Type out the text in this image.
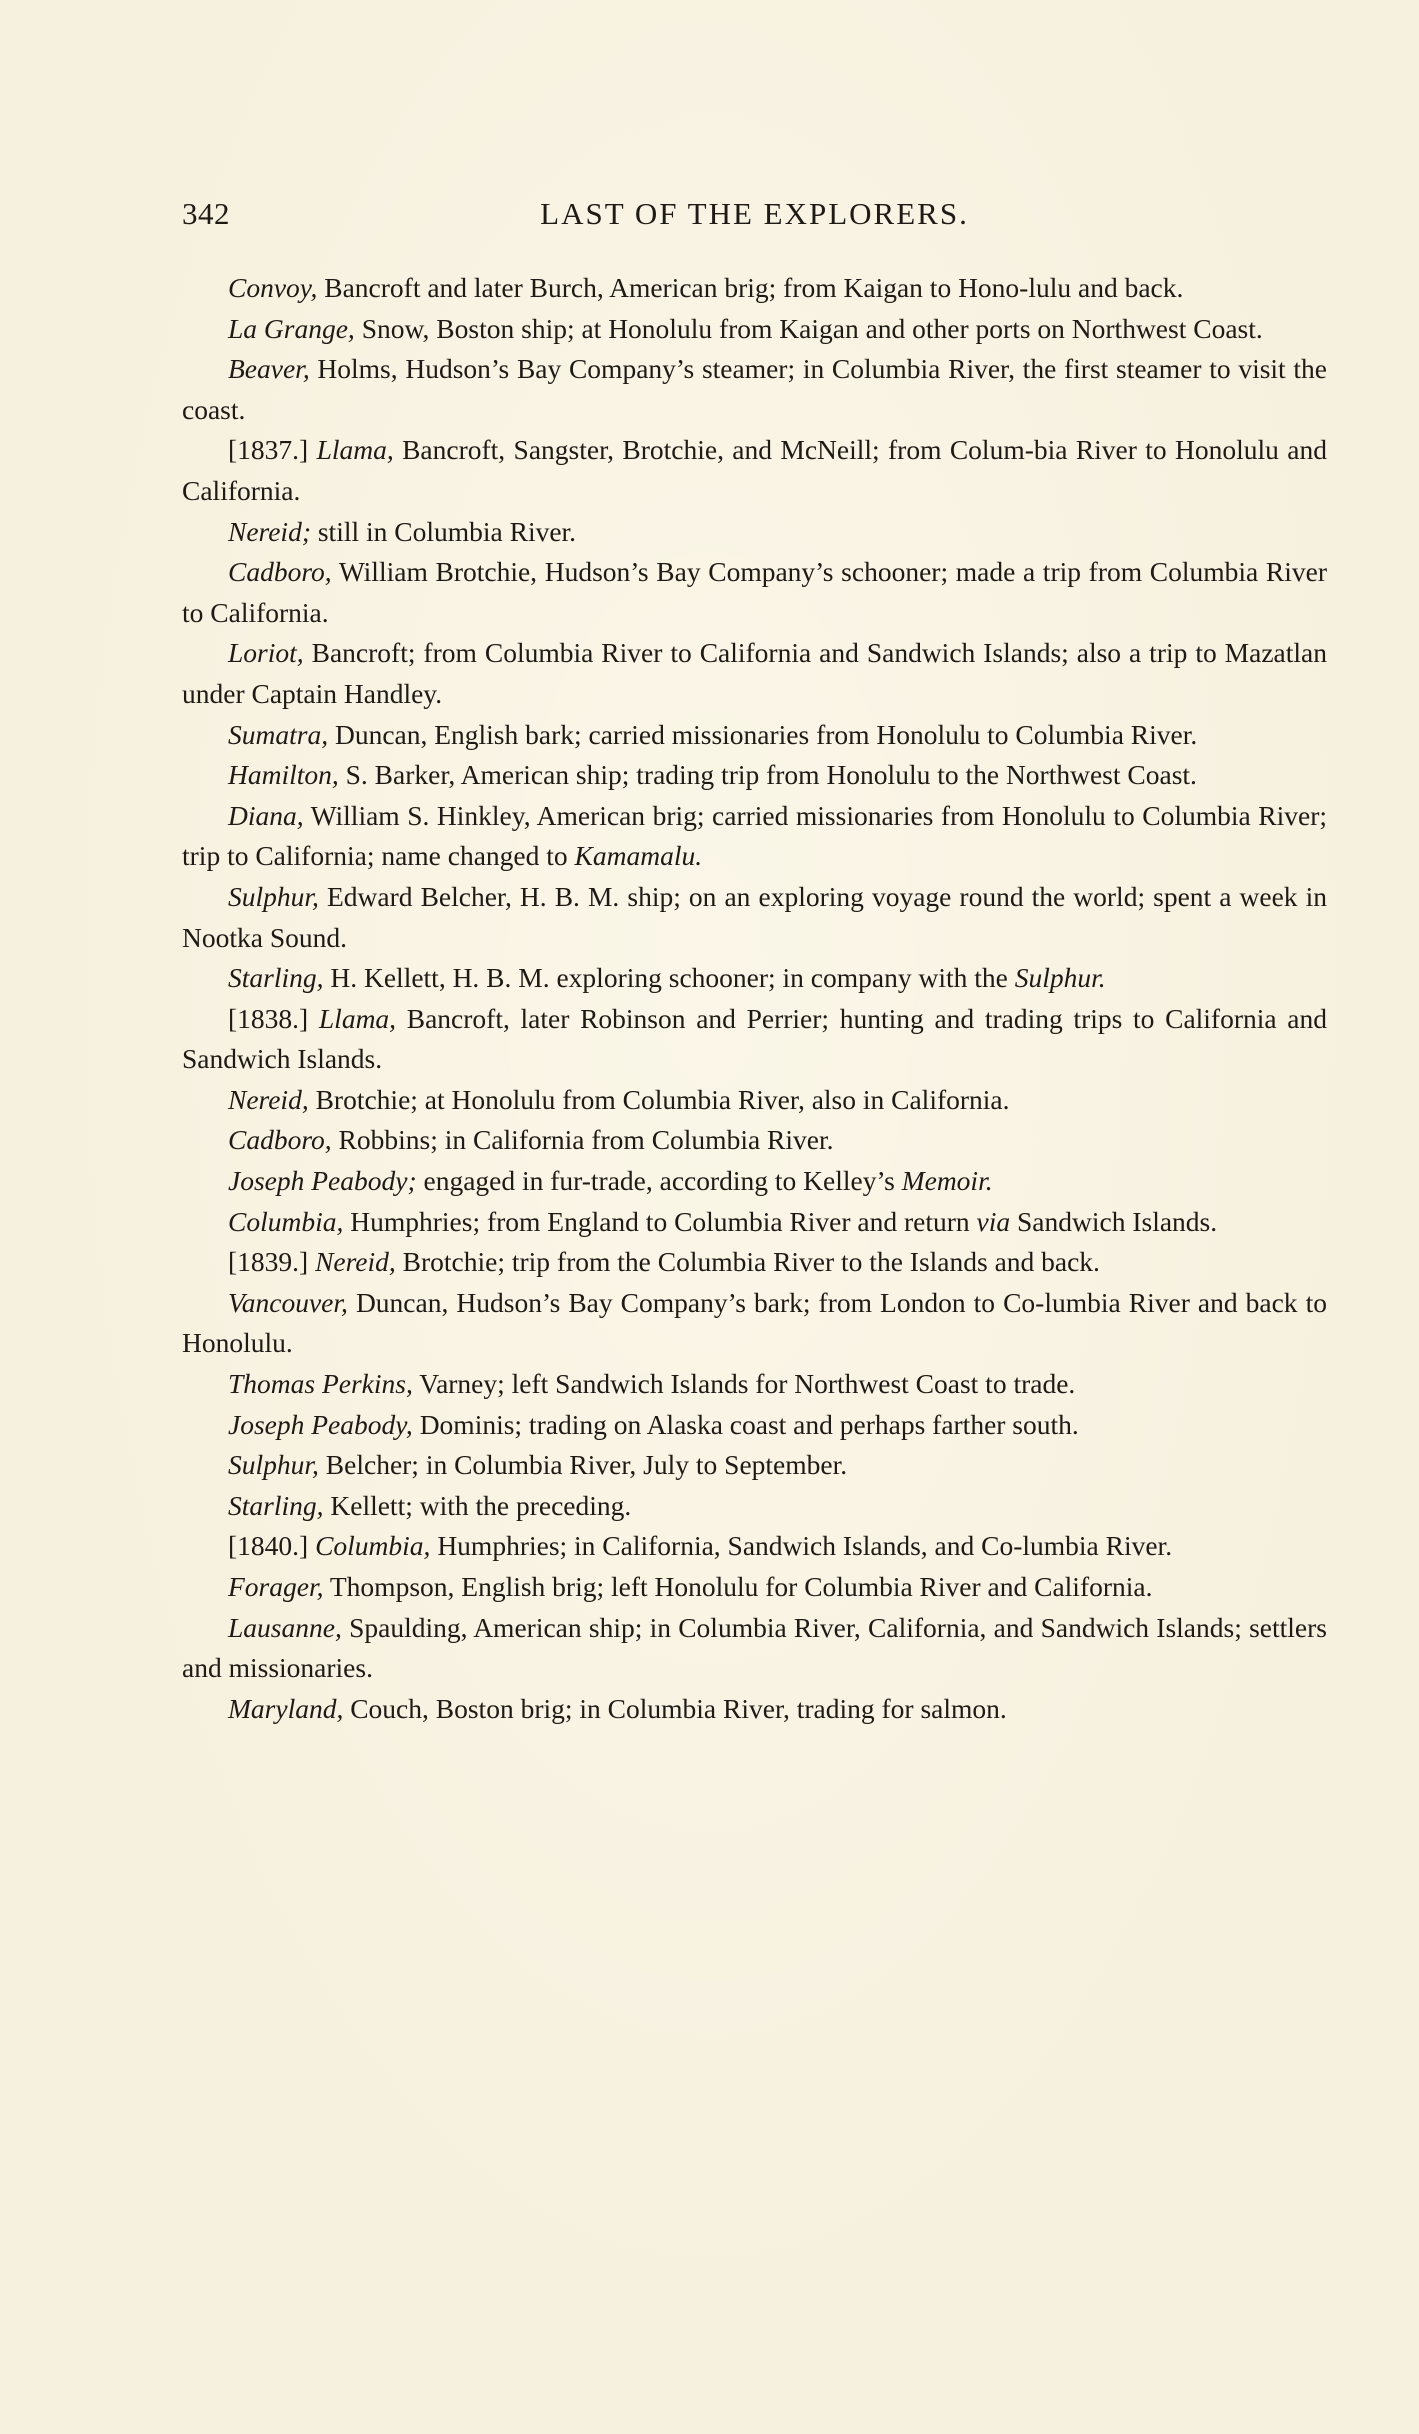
342	LAST OF THE EXPLORERS.

Convoy, Bancroft and later Burch, American brig; from Kaigan to Hono-lulu and back.

La Grange, Snow, Boston ship; at Honolulu from Kaigan and other ports on Northwest Coast.

Beaver, Holms, Hudson’s Bay Company’s steamer; in Columbia River, the first steamer to visit the coast.

[1837.] Llama, Bancroft, Sangster, Brotchie, and McNeill; from Colum-bia River to Honolulu and California.

Nereid; still in Columbia River.

Cadboro, William Brotchie, Hudson’s Bay Company’s schooner; made a trip from Columbia River to California.

Loriot, Bancroft; from Columbia River to California and Sandwich Islands; also a trip to Mazatlan under Captain Handley.

Sumatra, Duncan, English bark; carried missionaries from Honolulu to Columbia River.

Hamilton, S. Barker, American ship; trading trip from Honolulu to the Northwest Coast.

Diana, William S. Hinkley, American brig; carried missionaries from Honolulu to Columbia River; trip to California; name changed to Kamamalu.

Sulphur, Edward Belcher, H. B. M. ship; on an exploring voyage round the world; spent a week in Nootka Sound.

Starling, H. Kellett, H. B. M. exploring schooner; in company with the Sulphur.

[1838.] Llama, Bancroft, later Robinson and Perrier; hunting and trading trips to California and Sandwich Islands.

Nereid, Brotchie; at Honolulu from Columbia River, also in California.

Cadboro, Robbins; in California from Columbia River.

Joseph Peabody; engaged in fur-trade, according to Kelley’s Memoir.

Columbia, Humphries; from England to Columbia River and return via Sandwich Islands.

[1839.] Nereid, Brotchie; trip from the Columbia River to the Islands and back.

Vancouver, Duncan, Hudson’s Bay Company’s bark; from London to Co-lumbia River and back to Honolulu.

Thomas Perkins, Varney; left Sandwich Islands for Northwest Coast to trade.

Joseph Peabody, Dominis; trading on Alaska coast and perhaps farther south.

Sulphur, Belcher; in Columbia River, July to September.

Starling, Kellett; with the preceding.

[1840.] Columbia, Humphries; in California, Sandwich Islands, and Co-lumbia River.

Forager, Thompson, English brig; left Honolulu for Columbia River and California.

Lausanne, Spaulding, American ship; in Columbia River, California, and Sandwich Islands; settlers and missionaries.

Maryland, Couch, Boston brig; in Columbia River, trading for salmon.
